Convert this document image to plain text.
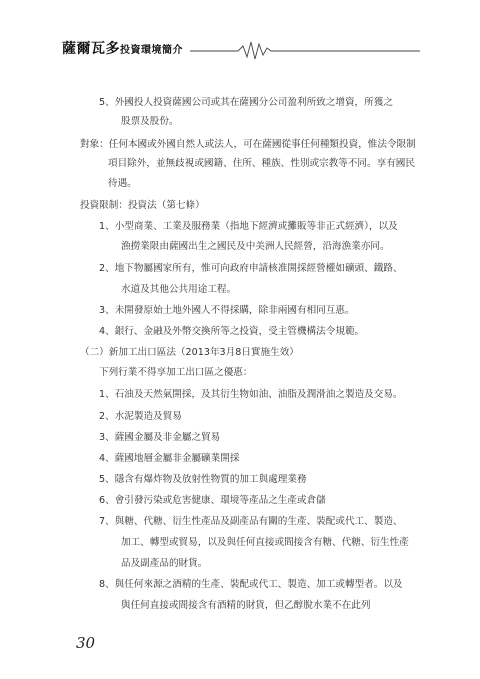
薩爾瓦多投資環境簡介
5、外國投人投資薩國公司或其在薩國分公司盈利所致之增資，所獲之
股票及股份。
對象：任何本國或外國自然人或法人，可在薩國從事任何種類投資，惟法令限制
項目除外，並無歧視或國籍、住所、種族、性別或宗教等不同。享有國民
待遇。
投資限制：投資法（第七條）
1、小型商業、工業及服務業（指地下經濟或攤販等非正式經濟），以及
漁撈業限由薩國出生之國民及中美洲人民經營，沿海漁業亦同。
2、地下物屬國家所有，惟可向政府申請核准開採經營權如礦頭、鐵路、
水道及其他公共用途工程。
3、未開發原始土地外國人不得採購，除非兩國有相同互惠。
4、銀行、金融及外幣交換所等之投資，受主管機構法令規範。
（二）新加工出口區法（2013年3月8日實施生效）
下列行業不得享加工出口區之優惠：
1、石油及天然氣開採，及其衍生物如油、油脂及潤滑油之製造及交易。
2、水泥製造及貿易
3、薩國金屬及非金屬之貿易
4、薩國地層金屬非金屬礦業開採
5、隱含有爆炸物及放射性物質的加工與處理業務
6、會引發污染或危害健康、環境等產品之生產或倉儲
7、與糖、代糖、衍生性產品及副產品有關的生產、裝配或代工、製造、
加工、轉型或貿易，以及與任何直接或間接含有糖、代糖、衍生性產
品及副產品的財貨。
8、與任何來源之酒精的生產、裝配或代工、製造、加工或轉型者。以及
與任何直接或間接含有酒精的財貨，但乙醇脫水業不在此列
30
